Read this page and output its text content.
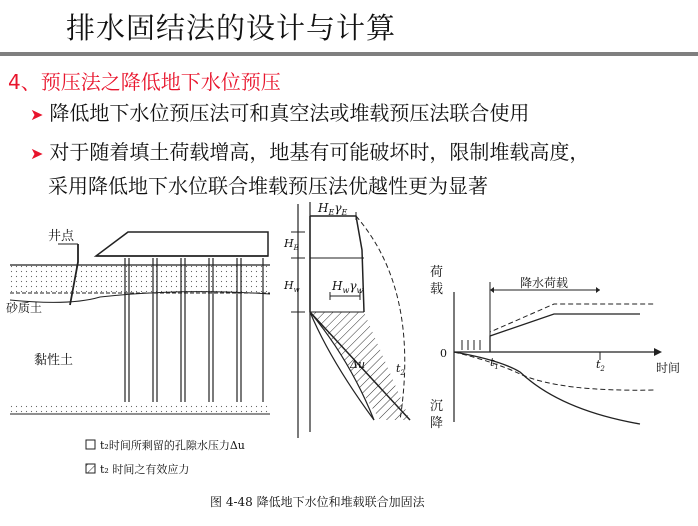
排水固结法的设计与计算
4、预压法之降低地下水位预压
➤ 降低地下水位预压法可和真空法或堆载预压法联合使用
➤ 对于随着填土荷载增高，地基有可能破坏时，限制堆载高度，
采用降低地下水位联合堆载预压法优越性更为显著
井点
砂质土
黏性土
$H_E\gamma_E$
$H_E$
$H_w$	$H_w\gamma_w$
Δu	$t_2$
荷
载
沉
降
降水荷载
0
$t_1$	$t_2$	时间
t₂时间所剩留的孔隙水压力Δu
t₂ 时间之有效应力
图 4-48 降低地下水位和堆载联合加固法
